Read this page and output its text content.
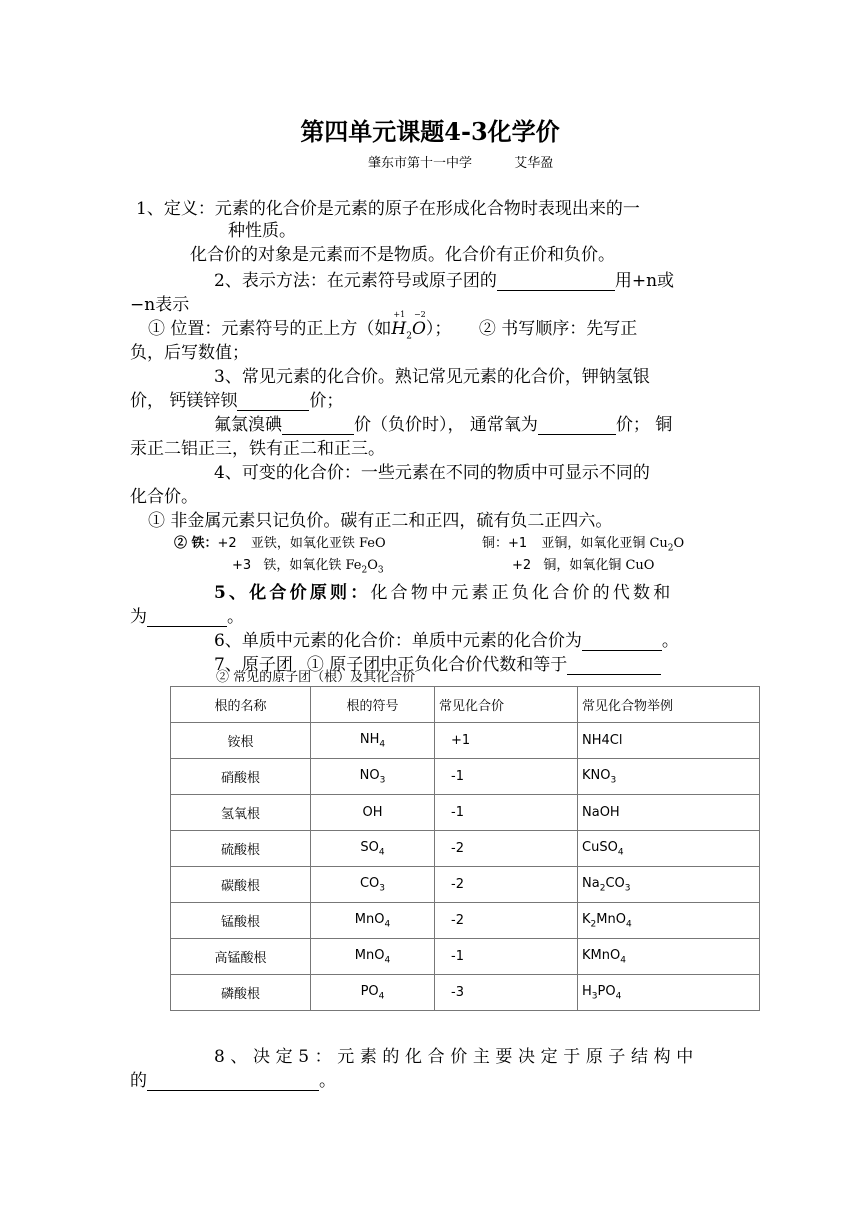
第四单元课题4-3化学价
肇东市第十一中学	艾华盈
1、定义：元素的化合价是元素的原子在形成化合物时表现出来的一
种性质。
化合价的对象是元素而不是物质。化合价有正价和负价。
2、表示方法：在元素符号或原子团的	用+n或
−n表示
① 位置：元素符号的正上方（如
+1
$H_2$
−2
O）； ② 书写顺序：先写正
负，后写数值；
3、常见元素的化合价。熟记常见元素的化合价，钾钠氢银
价， 钙镁锌钡	价；
氟氯溴碘	价（负价时）， 通常氧为	价； 铜
汞正二铝正三，铁有正二和正三。
4、可变的化合价：一些元素在不同的物质中可显示不同的
化合价。
① 非金属元素只记负价。碳有正二和正四，硫有负二正四六。
② 铁：+2 亚铁，如氧化亚铁 FeO	铜：+1 亚铜，如氧化亚铜 $Cu_2O$
+3 铁，如氧化铁 $Fe_2O_3$	+2 铜，如氧化铜 CuO
5、化合价原则：化合物中元素正负化合价的代数和
为	。
6、单质中元素的化合价：单质中元素的化合价为	。
7、原子团 ① 原子团中正负化合价代数和等于
② 常见的原子团（根）及其化合价
根的名称	根的符号	常见化合价	常见化合物举例
铵根	$NH_4$	+1	NH4Cl
硝酸根	$NO_3$	-1	$KNO_3$
氢氧根	OH	-1	NaOH
硫酸根	$SO_4$	-2	CuSO$_4$
碳酸根	$CO_3$	-2	$Na_2CO_3$
锰酸根	MnO$_4$	-2	$K_2MnO_4$
高锰酸根	MnO$_4$	-1	KMnO$_4$
磷酸根	$PO_4$	-3	$H_3PO_4$
8、决定5：元素的化合价主要决定于原子结构中
的	。
